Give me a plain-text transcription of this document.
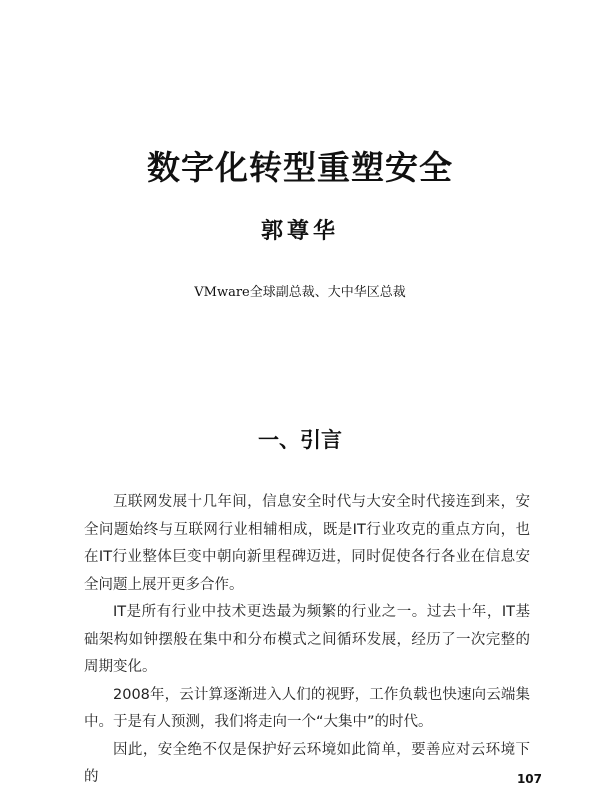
数字化转型重塑安全
郭尊华
VMware全球副总裁、大中华区总裁
一、引言

互联网发展十几年间，信息安全时代与大安全时代接连到来，安全问题始终与互联网行业相辅相成，既是IT行业攻克的重点方向，也在IT行业整体巨变中朝向新里程碑迈进，同时促使各行各业在信息安全问题上展开更多合作。

IT是所有行业中技术更迭最为频繁的行业之一。过去十年，IT基础架构如钟摆般在集中和分布模式之间循环发展，经历了一次完整的周期变化。

2008年，云计算逐渐进入人们的视野，工作负载也快速向云端集中。于是有人预测，我们将走向一个“大集中”的时代。

因此，安全绝不仅是保护好云环境如此简单，要善应对云环境下的	107
